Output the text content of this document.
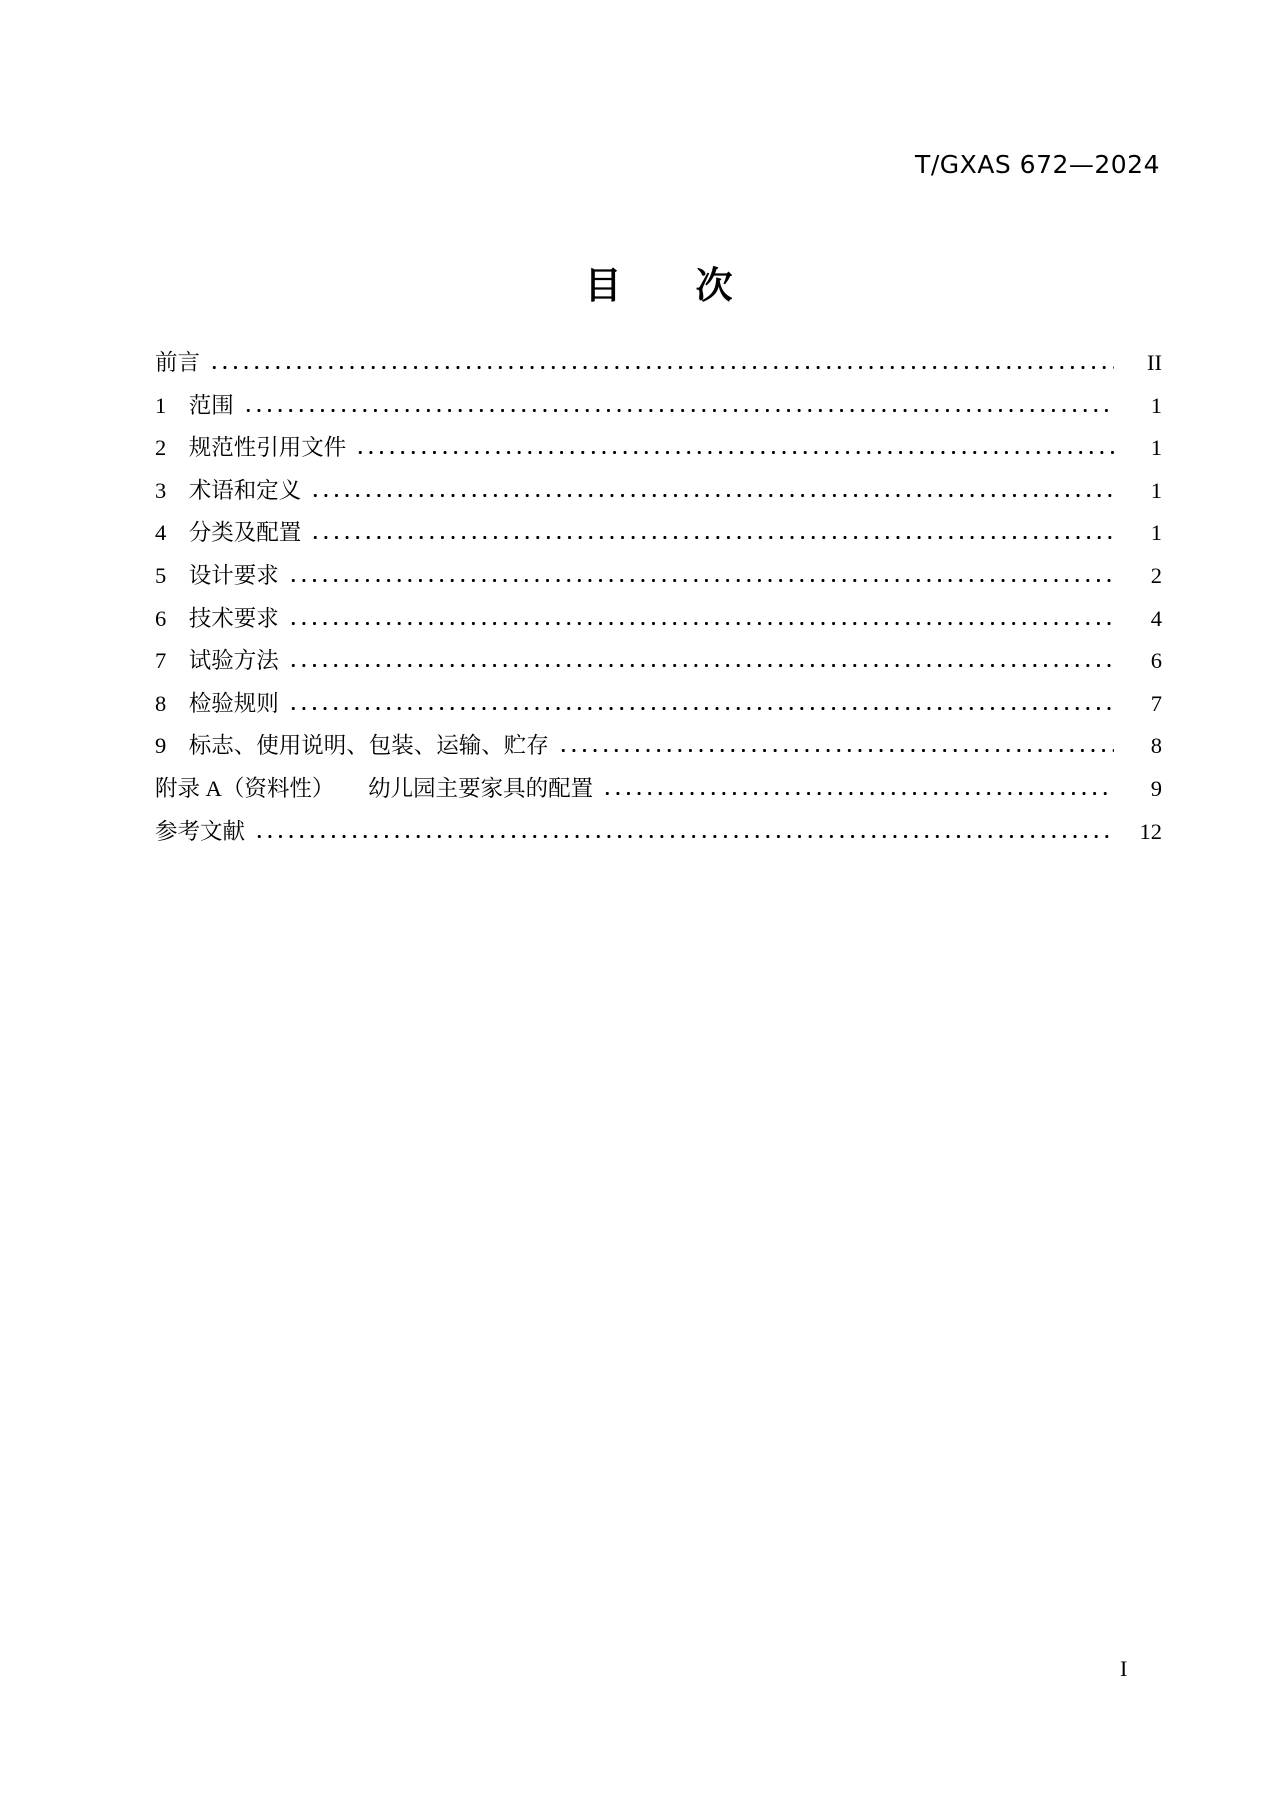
T/GXAS 672—2024
目　　次
前言	II
1　范围	1
2　规范性引用文件	1
3　术语和定义	1
4　分类及配置	1
5　设计要求	2
6　技术要求	4
7　试验方法	6
8　检验规则	7
9　标志、使用说明、包装、运输、贮存	8
附录 A（资料性）　　幼儿园主要家具的配置	9
参考文献	12
I
